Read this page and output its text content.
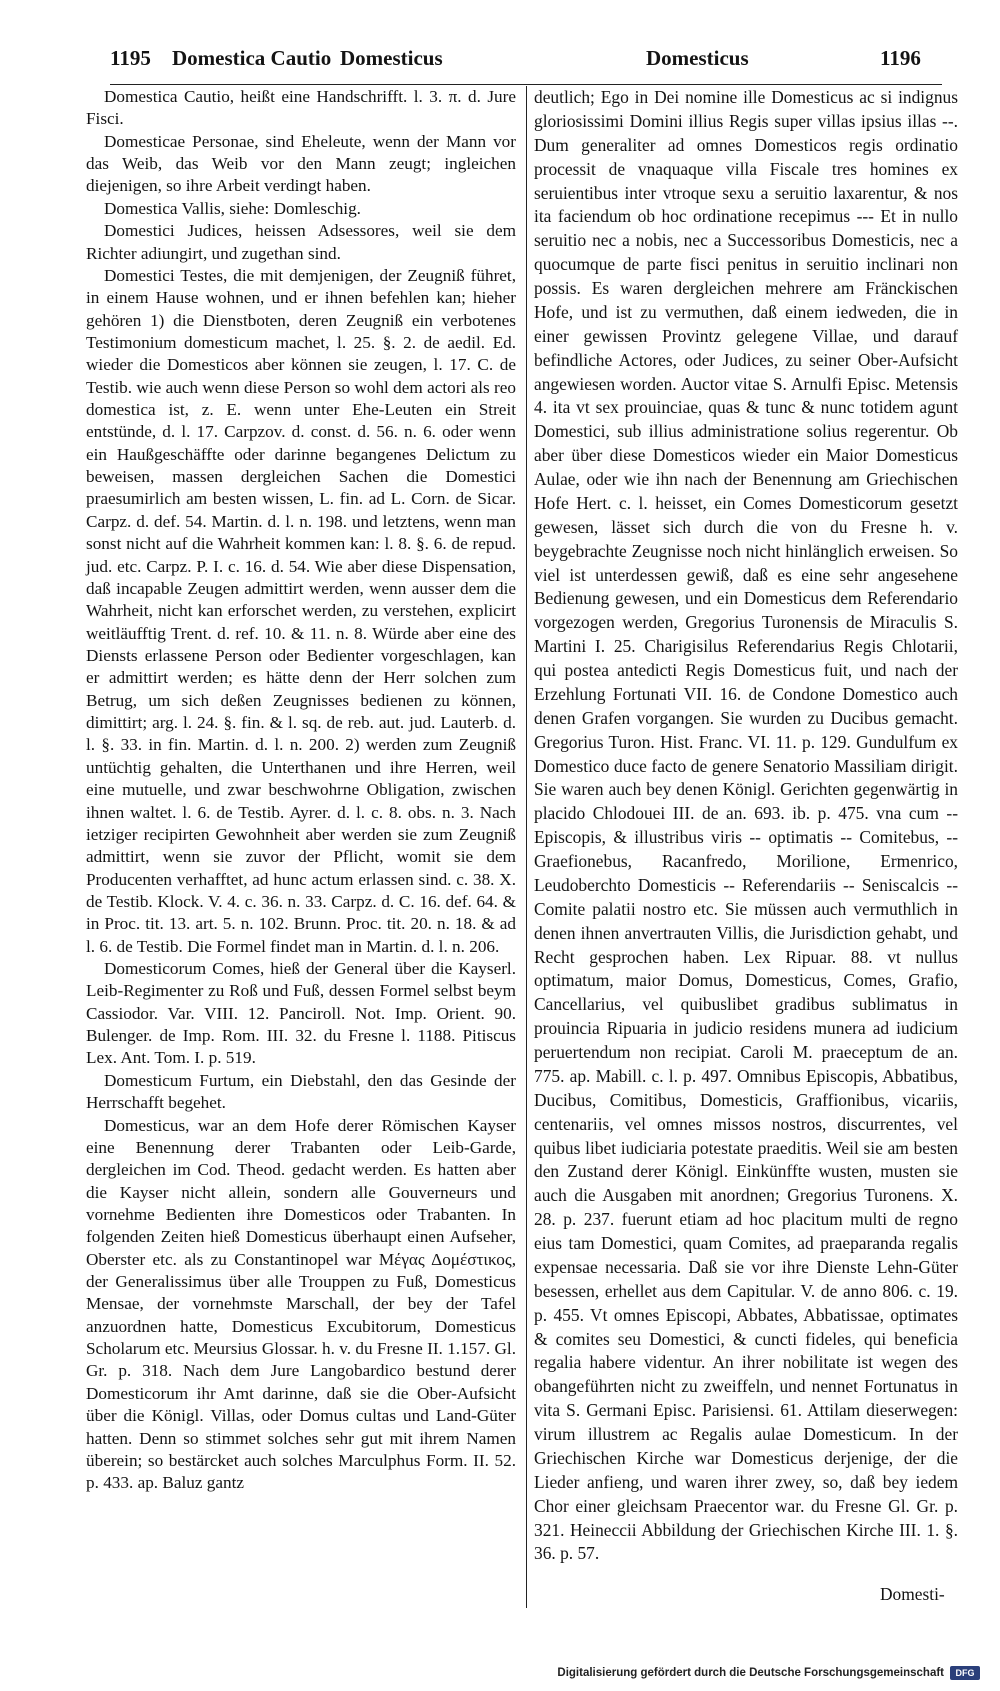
1195 Domestica Cautio Domesticus	Domesticus	1196

Domestica Cautio, heißt eine Handschrifft. l. 3. π. d. Jure Fisci.

Domesticae Personae, sind Eheleute, wenn der Mann vor das Weib, das Weib vor den Mann zeugt; ingleichen diejenigen, so ihre Arbeit verdingt haben.

Domestica Vallis, siehe: Domleschig.

Domestici Judices, heissen Adsessores, weil sie dem Richter adiungirt, und zugethan sind.

Domestici Testes, die mit demjenigen, der Zeugniß führet, in einem Hause wohnen, und er ihnen befehlen kan; hieher gehören 1) die Dienstboten, deren Zeugniß ein verbotenes Testimonium domesticum machet, l. 25. §. 2. de aedil. Ed. wieder die Domesticos aber können sie zeugen, l. 17. C. de Testib. wie auch wenn diese Person so wohl dem actori als reo domestica ist, z. E. wenn unter Ehe-Leuten ein Streit entstünde, d. l. 17. Carpzov. d. const. d. 56. n. 6. oder wenn ein Haußgeschäffte oder darinne begangenes Delictum zu beweisen, massen dergleichen Sachen die Domestici praesumirlich am besten wissen, L. fin. ad L. Corn. de Sicar. Carpz. d. def. 54. Martin. d. l. n. 198. und letztens, wenn man sonst nicht auf die Wahrheit kommen kan: l. 8. §. 6. de repud. jud. etc. Carpz. P. I. c. 16. d. 54. Wie aber diese Dispensation, daß incapable Zeugen admittirt werden, wenn ausser dem die Wahrheit, nicht kan erforschet werden, zu verstehen, explicirt weitläufftig Trent. d. ref. 10. & 11. n. 8. Würde aber eine des Diensts erlassene Person oder Bedienter vorgeschlagen, kan er admittirt werden; es hätte denn der Herr solchen zum Betrug, um sich deßen Zeugnisses bedienen zu können, dimittirt; arg. l. 24. §. fin. & l. sq. de reb. aut. jud. Lauterb. d. l. §. 33. in fin. Martin. d. l. n. 200. 2) werden zum Zeugniß untüchtig gehalten, die Unterthanen und ihre Herren, weil eine mutuelle, und zwar beschwohrne Obligation, zwischen ihnen waltet. l. 6. de Testib. Ayrer. d. l. c. 8. obs. n. 3. Nach ietziger recipirten Gewohnheit aber werden sie zum Zeugniß admittirt, wenn sie zuvor der Pflicht, womit sie dem Producenten verhafftet, ad hunc actum erlassen sind. c. 38. X. de Testib. Klock. V. 4. c. 36. n. 33. Carpz. d. C. 16. def. 64. & in Proc. tit. 13. art. 5. n. 102. Brunn. Proc. tit. 20. n. 18. & ad l. 6. de Testib. Die Formel findet man in Martin. d. l. n. 206.

Domesticorum Comes, hieß der General über die Kayserl. Leib-Regimenter zu Roß und Fuß, dessen Formel selbst beym Cassiodor. Var. VIII. 12. Panciroll. Not. Imp. Orient. 90. Bulenger. de Imp. Rom. III. 32. du Fresne l. 1188. Pitiscus Lex. Ant. Tom. I. p. 519.

Domesticum Furtum, ein Diebstahl, den das Gesinde der Herrschafft begehet.

Domesticus, war an dem Hofe derer Römischen Kayser eine Benennung derer Trabanten oder Leib-Garde, dergleichen im Cod. Theod. gedacht werden. Es hatten aber die Kayser nicht allein, sondern alle Gouverneurs und vornehme Bedienten ihre Domesticos oder Trabanten. In folgenden Zeiten hieß Domesticus überhaupt einen Aufseher, Oberster etc. als zu Constantinopel war Μέγας Δομέστικος, der Generalissimus über alle Trouppen zu Fuß, Domesticus Mensae, der vornehmste Marschall, der bey der Tafel anzuordnen hatte, Domesticus Excubitorum, Domesticus Scholarum etc. Meursius Glossar. h. v. du Fresne II. 1.157. Gl. Gr. p. 318. Nach dem Jure Langobardico bestund derer Domesticorum ihr Amt darinne, daß sie die Ober-Aufsicht über die Königl. Villas, oder Domus cultas und Land-Güter hatten. Denn so stimmet solches sehr gut mit ihrem Namen überein; so bestärcket auch solches Marculphus Form. II. 52. p. 433. ap. Baluz gantz

deutlich; Ego in Dei nomine ille Domesticus ac si indignus gloriosissimi Domini illius Regis super villas ipsius illas --. Dum generaliter ad omnes Domesticos regis ordinatio processit de vnaquaque villa Fiscale tres homines ex seruientibus inter vtroque sexu a seruitio laxarentur, & nos ita faciendum ob hoc ordinatione recepimus --- Et in nullo seruitio nec a nobis, nec a Successoribus Domesticis, nec a quocumque de parte fisci penitus in seruitio inclinari non possis. Es waren dergleichen mehrere am Fränckischen Hofe, und ist zu vermuthen, daß einem iedweden, die in einer gewissen Provintz gelegene Villae, und darauf befindliche Actores, oder Judices, zu seiner Ober-Aufsicht angewiesen worden. Auctor vitae S. Arnulfi Episc. Metensis 4. ita vt sex prouinciae, quas & tunc & nunc totidem agunt Domestici, sub illius administratione solius regerentur. Ob aber über diese Domesticos wieder ein Maior Domesticus Aulae, oder wie ihn nach der Benennung am Griechischen Hofe Hert. c. l. heisset, ein Comes Domesticorum gesetzt gewesen, lässet sich durch die von du Fresne h. v. beygebrachte Zeugnisse noch nicht hinlänglich erweisen. So viel ist unterdessen gewiß, daß es eine sehr angesehene Bedienung gewesen, und ein Domesticus dem Referendario vorgezogen werden, Gregorius Turonensis de Miraculis S. Martini I. 25. Charigisilus Referendarius Regis Chlotarii, qui postea antedicti Regis Domesticus fuit, und nach der Erzehlung Fortunati VII. 16. de Condone Domestico auch denen Grafen vorgangen. Sie wurden zu Ducibus gemacht. Gregorius Turon. Hist. Franc. VI. 11. p. 129. Gundulfum ex Domestico duce facto de genere Senatorio Massiliam dirigit. Sie waren auch bey denen Königl. Gerichten gegenwärtig in placido Chlodouei III. de an. 693. ib. p. 475. vna cum -- Episcopis, & illustribus viris -- optimatis -- Comitebus, -- Graefionebus, Racanfredo, Morilione, Ermenrico, Leudoberchto Domesticis -- Referendariis -- Seniscalcis -- Comite palatii nostro etc. Sie müssen auch vermuthlich in denen ihnen anvertrauten Villis, die Jurisdiction gehabt, und Recht gesprochen haben. Lex Ripuar. 88. vt nullus optimatum, maior Domus, Domesticus, Comes, Grafio, Cancellarius, vel quibuslibet gradibus sublimatus in prouincia Ripuaria in judicio residens munera ad iudicium peruertendum non recipiat. Caroli M. praeceptum de an. 775. ap. Mabill. c. l. p. 497. Omnibus Episcopis, Abbatibus, Ducibus, Comitibus, Domesticis, Graffionibus, vicariis, centenariis, vel omnes missos nostros, discurrentes, vel quibus libet iudiciaria potestate praeditis. Weil sie am besten den Zustand derer Königl. Einkünffte wusten, musten sie auch die Ausgaben mit anordnen; Gregorius Turonens. X. 28. p. 237. fuerunt etiam ad hoc placitum multi de regno eius tam Domestici, quam Comites, ad praeparanda regalis expensae necessaria. Daß sie vor ihre Dienste Lehn-Güter besessen, erhellet aus dem Capitular. V. de anno 806. c. 19. p. 455. Vt omnes Episcopi, Abbates, Abbatissae, optimates & comites seu Domestici, & cuncti fideles, qui beneficia regalia habere videntur. An ihrer nobilitate ist wegen des obangeführten nicht zu zweiffeln, und nennet Fortunatus in vita S. Germani Episc. Parisiensi. 61. Attilam dieserwegen: virum illustrem ac Regalis aulae Domesticum. In der Griechischen Kirche war Domesticus derjenige, der die Lieder anfieng, und waren ihrer zwey, so, daß bey iedem Chor einer gleichsam Praecentor war. du Fresne Gl. Gr. p. 321. Heineccii Abbildung der Griechischen Kirche III. 1. §. 36. p. 57.

Domesti-
Digitalisierung gefördert durch die Deutsche Forschungsgemeinschaft	DFG
